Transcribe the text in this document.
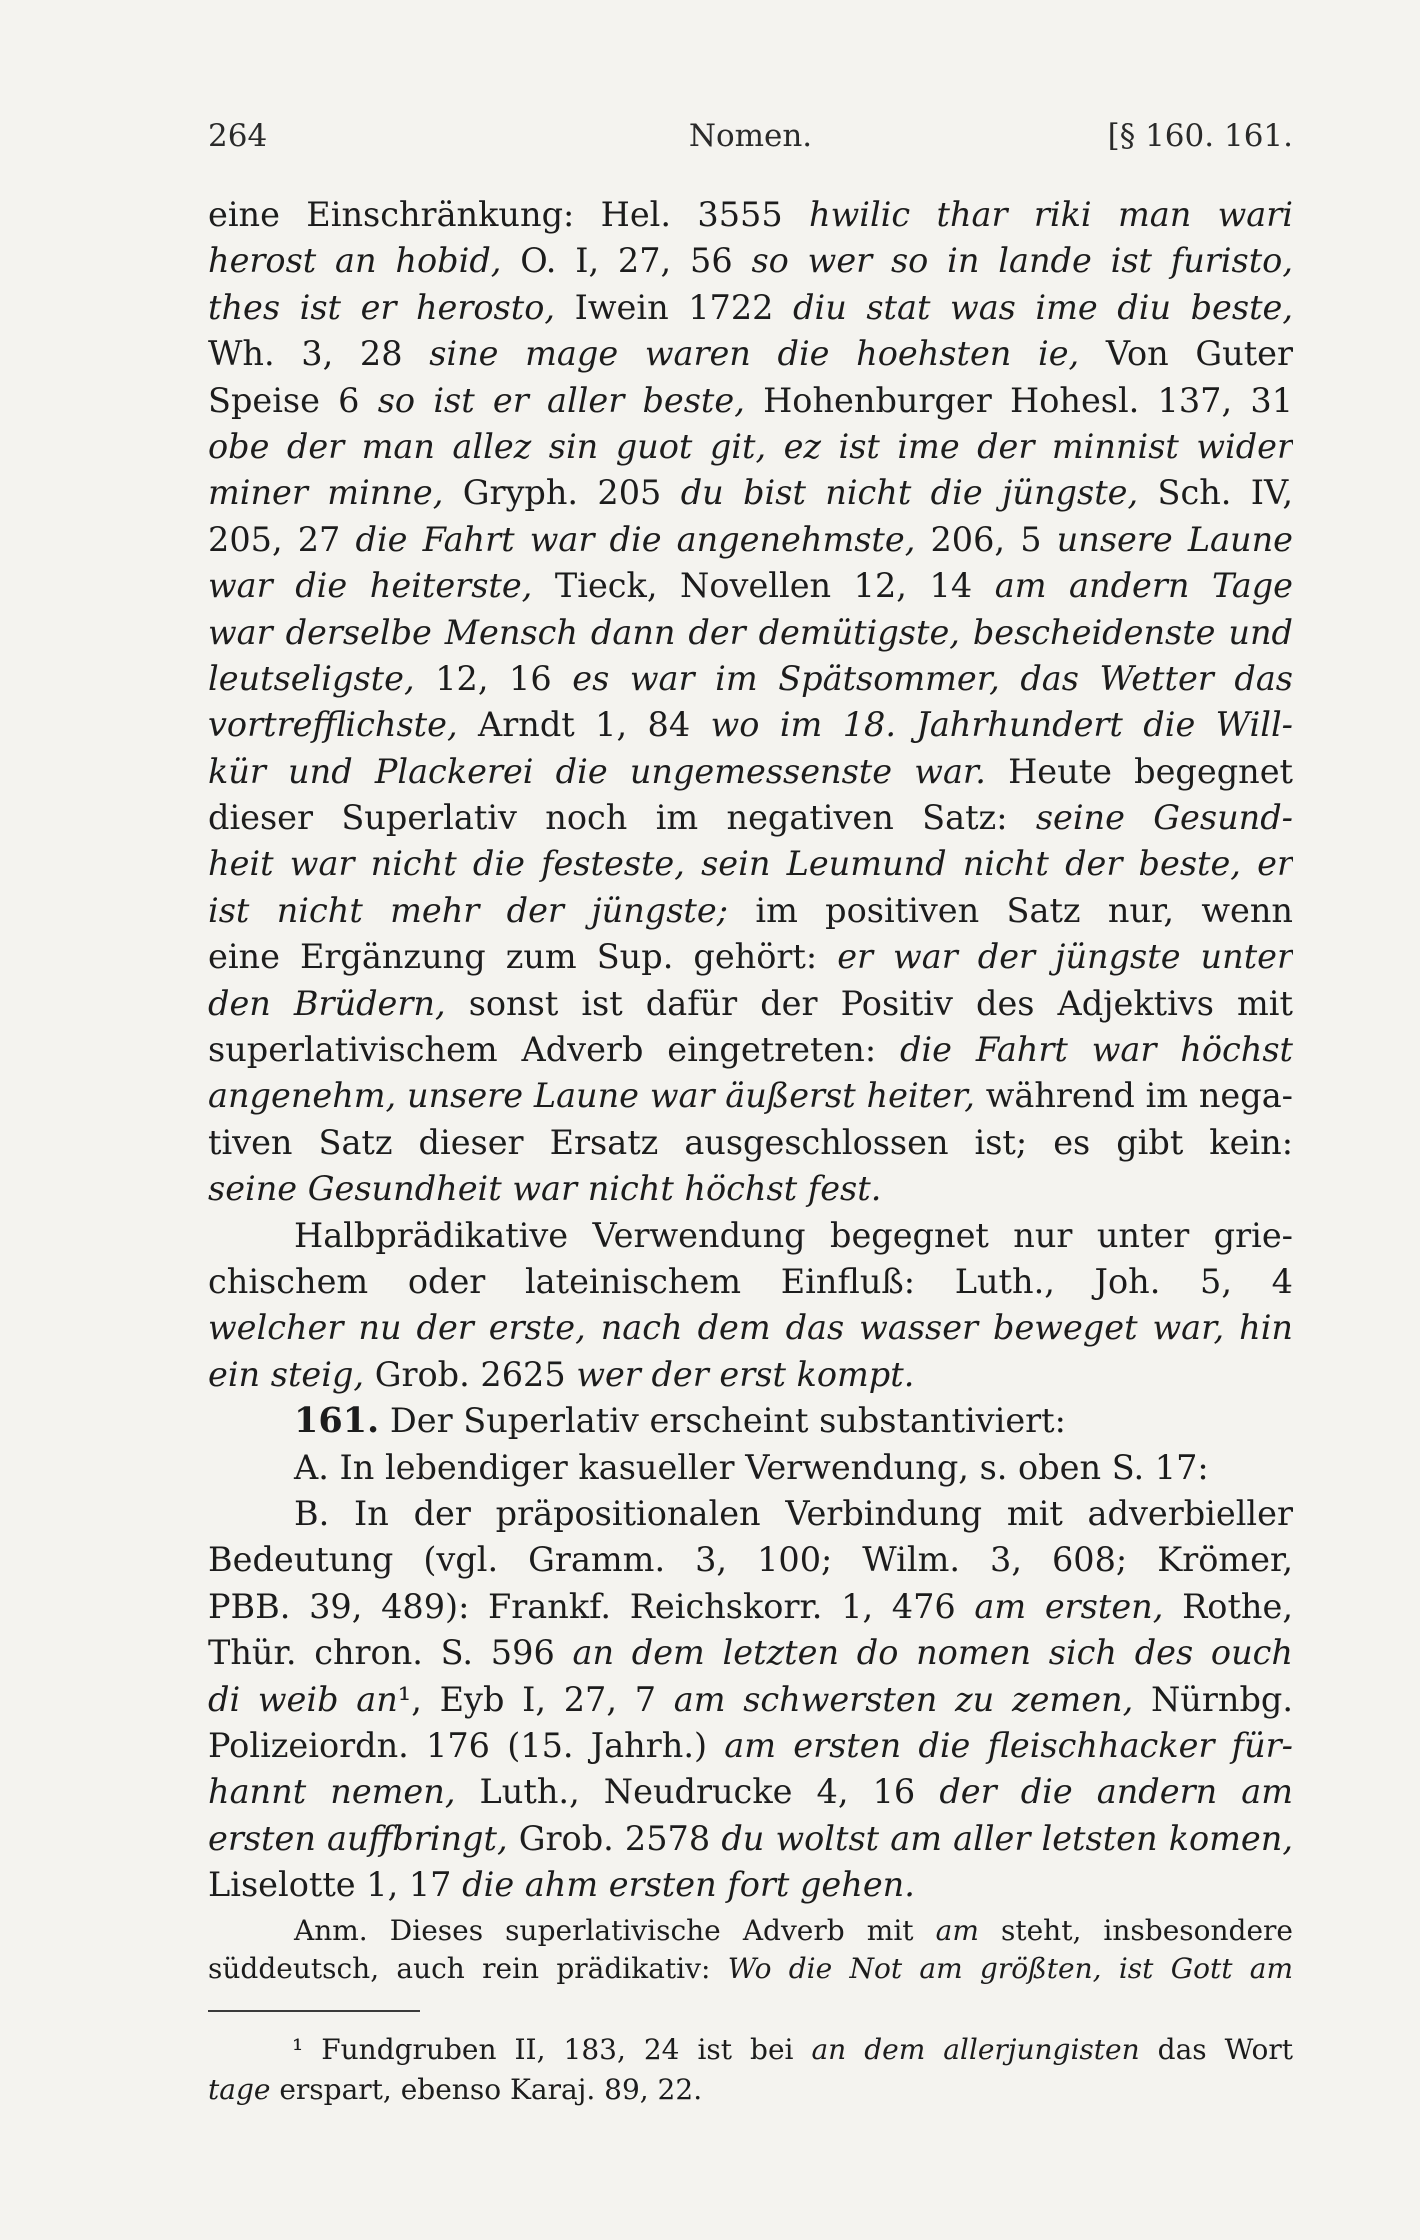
264	Nomen.	[§ 160. 161.
eine Einschränkung: Hel. 3555 hwilic thar riki man wari
herost an hobid, O. I, 27, 56 so wer so in lande ist furisto,
thes ist er herosto, Iwein 1722 diu stat was ime diu beste,
Wh. 3, 28 sine mage waren die hoehsten ie, Von Guter
Speise 6 so ist er aller beste, Hohenburger Hohesl. 137, 31
obe der man allez sin guot git, ez ist ime der minnist wider
miner minne, Gryph. 205 du bist nicht die jüngste, Sch. IV,
205, 27 die Fahrt war die angenehmste, 206, 5 unsere Laune
war die heiterste, Tieck, Novellen 12, 14 am andern Tage
war derselbe Mensch dann der demütigste, bescheidenste und
leutseligste, 12, 16 es war im Spätsommer, das Wetter das
vortrefflichste, Arndt 1, 84 wo im 18. Jahrhundert die Will-
kür und Plackerei die ungemessenste war. Heute begegnet
dieser Superlativ noch im negativen Satz: seine Gesund-
heit war nicht die festeste, sein Leumund nicht der beste, er
ist nicht mehr der jüngste; im positiven Satz nur, wenn
eine Ergänzung zum Sup. gehört: er war der jüngste unter
den Brüdern, sonst ist dafür der Positiv des Adjektivs mit
superlativischem Adverb eingetreten: die Fahrt war höchst
angenehm, unsere Laune war äußerst heiter, während im nega-
tiven Satz dieser Ersatz ausgeschlossen ist; es gibt kein:
seine Gesundheit war nicht höchst fest.
Halbprädikative Verwendung begegnet nur unter grie-
chischem oder lateinischem Einfluß: Luth., Joh. 5, 4
welcher nu der erste, nach dem das wasser beweget war, hin
ein steig, Grob. 2625 wer der erst kompt.
161. Der Superlativ erscheint substantiviert:
A. In lebendiger kasueller Verwendung, s. oben S. 17:
B. In der präpositionalen Verbindung mit adverbieller
Bedeutung (vgl. Gramm. 3, 100; Wilm. 3, 608; Krömer,
PBB. 39, 489): Frankf. Reichskorr. 1, 476 am ersten, Rothe,
Thür. chron. S. 596 an dem letzten do nomen sich des ouch
di weib an¹, Eyb I, 27, 7 am schwersten zu zemen, Nürnbg.
Polizeiordn. 176 (15. Jahrh.) am ersten die fleischhacker für-
hannt nemen, Luth., Neudrucke 4, 16 der die andern am
ersten auffbringt, Grob. 2578 du woltst am aller letsten komen,
Liselotte 1, 17 die ahm ersten fort gehen.
Anm. Dieses superlativische Adverb mit am steht, insbesondere
süddeutsch, auch rein prädikativ: Wo die Not am größten, ist Gott am
¹ Fundgruben II, 183, 24 ist bei an dem allerjungisten das Wort
tage erspart, ebenso Karaj. 89, 22.
